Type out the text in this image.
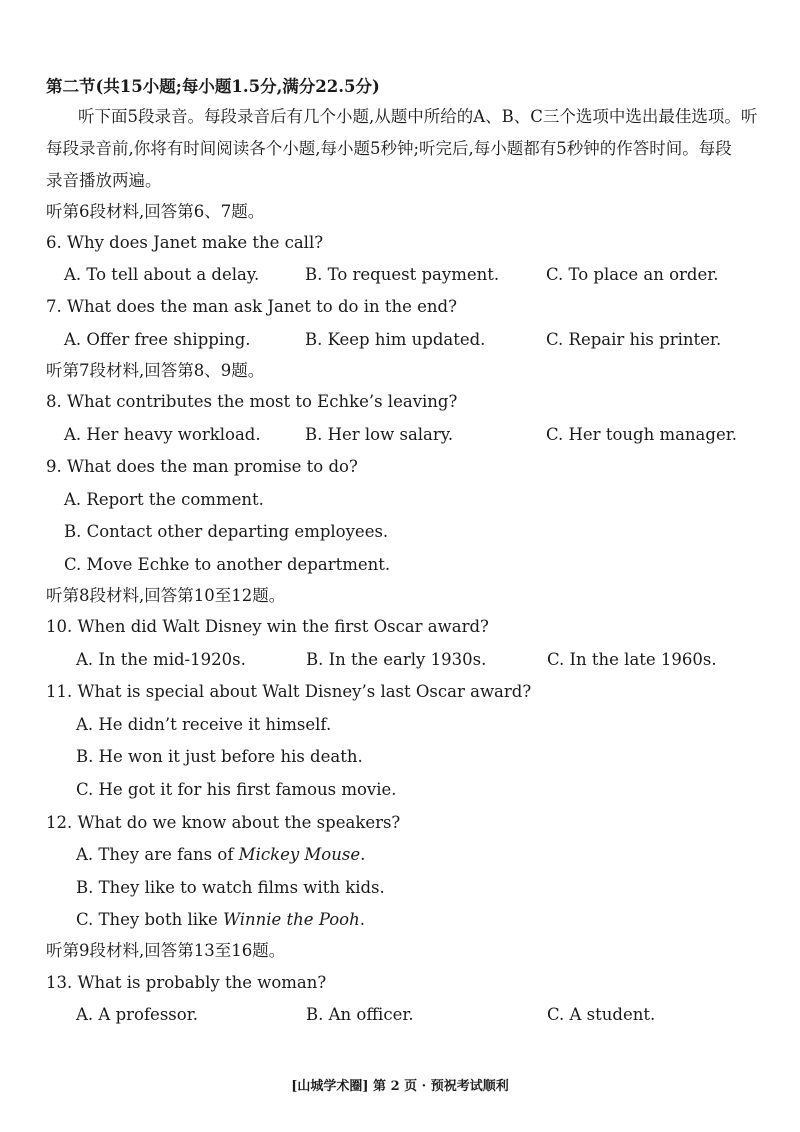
第二节(共15小题;每小题1.5分,满分22.5分)
听下面5段录音。每段录音后有几个小题,从题中所给的A、B、C三个选项中选出最佳选项。听
每段录音前,你将有时间阅读各个小题,每小题5秒钟;听完后,每小题都有5秒钟的作答时间。每段
录音播放两遍。
听第6段材料,回答第6、7题。
6. Why does Janet make the call?
A. To tell about a delay.	B. To request payment.	C. To place an order.
7. What does the man ask Janet to do in the end?
A. Offer free shipping.	B. Keep him updated.	C. Repair his printer.
听第7段材料,回答第8、9题。
8. What contributes the most to Echke’s leaving?
A. Her heavy workload.	B. Her low salary.	C. Her tough manager.
9. What does the man promise to do?
A. Report the comment.
B. Contact other departing employees.
C. Move Echke to another department.
听第8段材料,回答第10至12题。
10. When did Walt Disney win the first Oscar award?
A. In the mid-1920s.	B. In the early 1930s.	C. In the late 1960s.
11. What is special about Walt Disney’s last Oscar award?
A. He didn’t receive it himself.
B. He won it just before his death.
C. He got it for his first famous movie.
12. What do we know about the speakers?
A. They are fans of Mickey Mouse.
B. They like to watch films with kids.
C. They both like Winnie the Pooh.
听第9段材料,回答第13至16题。
13. What is probably the woman?
A. A professor.	B. An officer.	C. A student.
[山城学术圈] 第 2 页 · 预祝考试顺利
